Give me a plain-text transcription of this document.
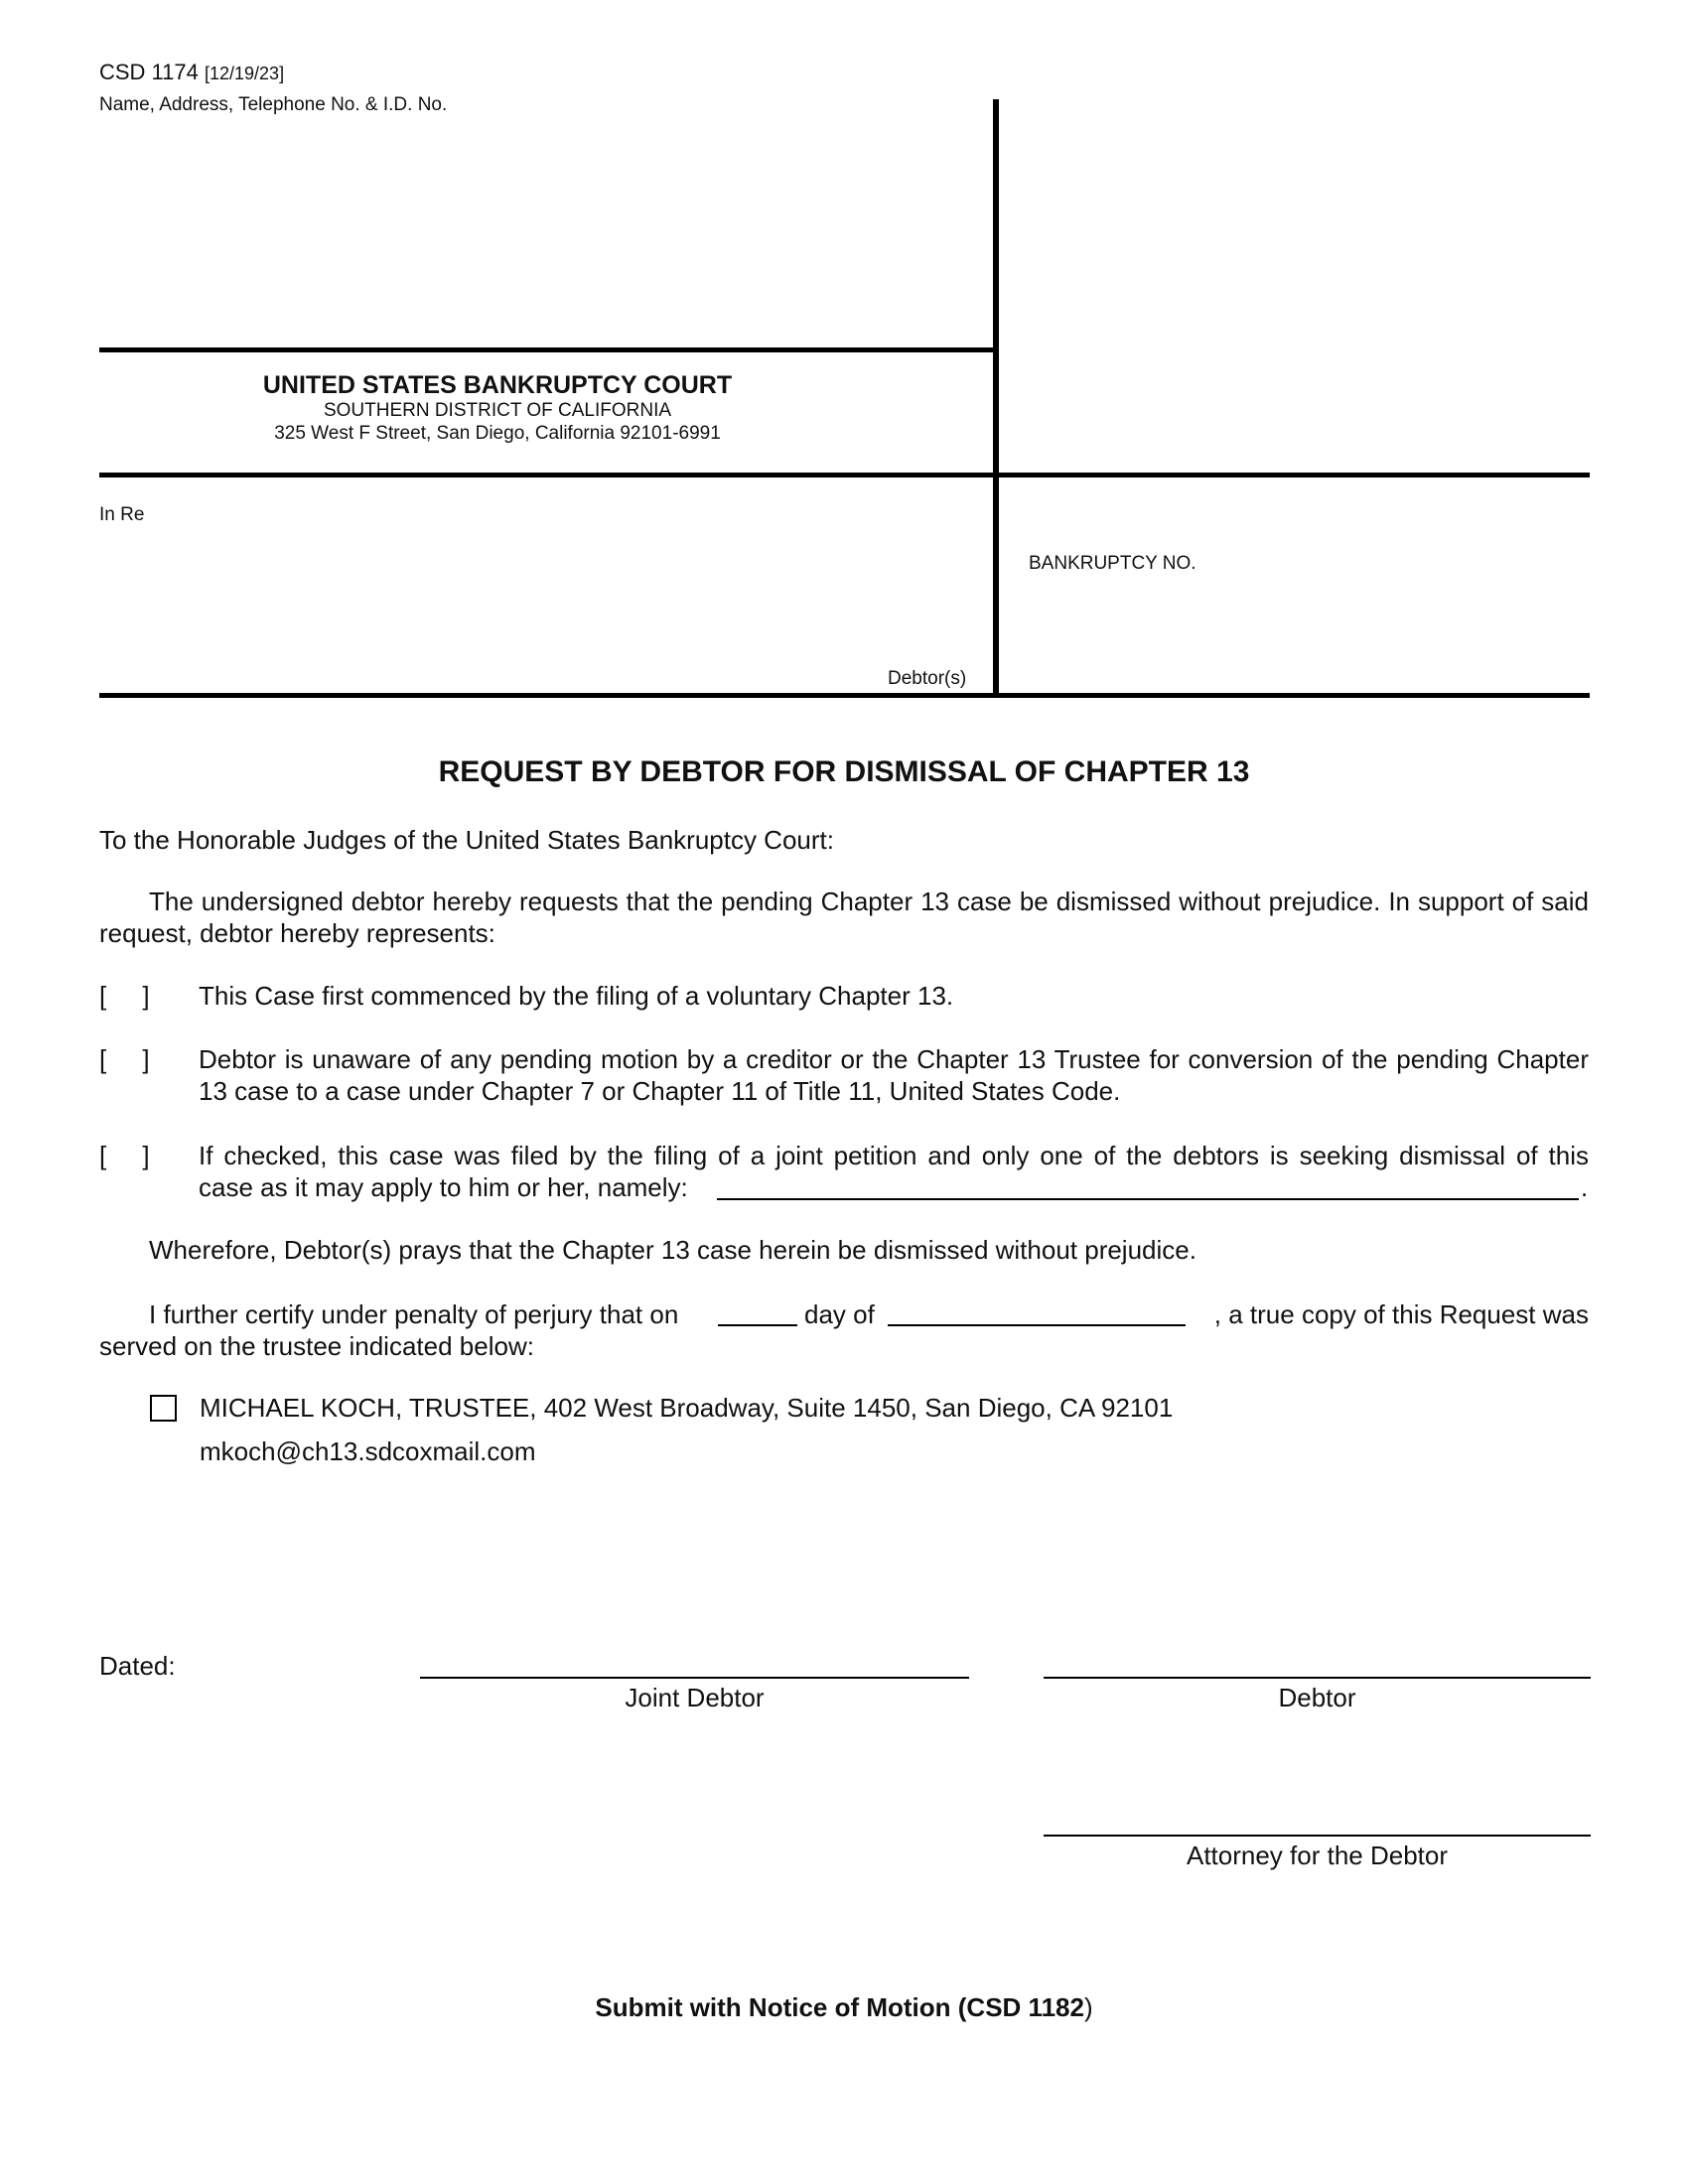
CSD 1174 [12/19/23]
Name, Address, Telephone No. & I.D. No.
UNITED STATES BANKRUPTCY COURT
SOUTHERN DISTRICT OF CALIFORNIA
325 West F Street, San Diego, California 92101-6991
In Re
BANKRUPTCY NO.
Debtor(s)
REQUEST BY DEBTOR FOR DISMISSAL OF CHAPTER 13
To the Honorable Judges of the United States Bankruptcy Court:
The undersigned debtor hereby requests that the pending Chapter 13 case be dismissed without prejudice. In support of said request, debtor hereby represents:
[     ] This Case first commenced by the filing of a voluntary Chapter 13.
[     ] Debtor is unaware of any pending motion by a creditor or the Chapter 13 Trustee for conversion of the pending Chapter 13 case to a case under Chapter 7 or Chapter 11 of Title 11, United States Code.
[     ] If checked, this case was filed by the filing of a joint petition and only one of the debtors is seeking dismissal of this
case as it may apply to him or her, namely:	.
Wherefore, Debtor(s) prays that the Chapter 13 case herein be dismissed without prejudice.
I further certify under penalty of perjury that on	day of	, a true copy of this Request was
served on the trustee indicated below:
MICHAEL KOCH, TRUSTEE, 402 West Broadway, Suite 1450, San Diego, CA 92101
mkoch@ch13.sdcoxmail.com
Dated:
Joint Debtor	Debtor
Attorney for the Debtor
Submit with Notice of Motion (CSD 1182)
